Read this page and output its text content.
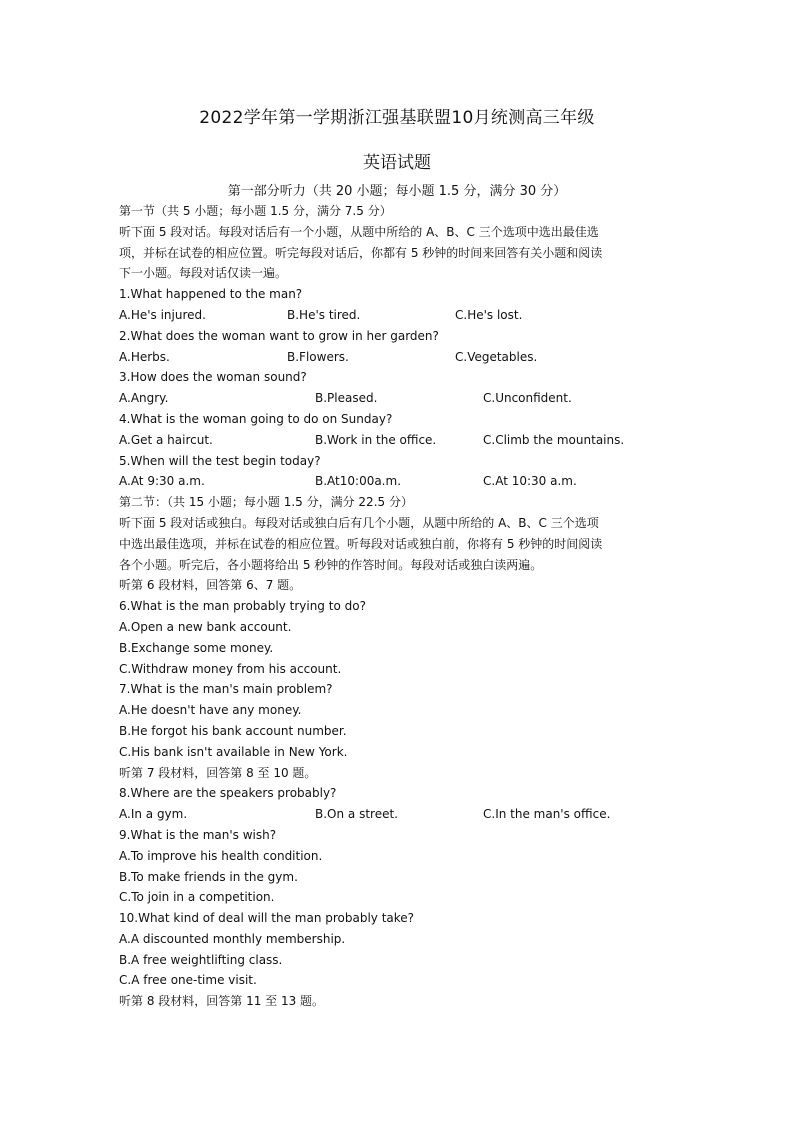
2022学年第一学期浙江强基联盟10月统测高三年级
英语试题
第一部分听力（共 20 小题；每小题 1.5 分，满分 30 分）
第一节（共 5 小题；每小题 1.5 分，满分 7.5 分）
听下面 5 段对话。每段对话后有一个小题，从题中所给的 A、B、C 三个选项中选出最佳选
项，并标在试卷的相应位置。听完每段对话后，你都有 5 秒钟的时间来回答有关小题和阅读
下一小题。每段对话仅读一遍。
1.What happened to the man?
A.He's injured.	B.He's tired.	C.He's lost.
2.What does the woman want to grow in her garden?
A.Herbs.	B.Flowers.	C.Vegetables.
3.How does the woman sound?
A.Angry.	B.Pleased.	C.Unconfident.
4.What is the woman going to do on Sunday?
A.Get a haircut.	B.Work in the office.	C.Climb the mountains.
5.When will the test begin today?
A.At 9:30 a.m.	B.At10:00a.m.	C.At 10:30 a.m.
第二节：（共 15 小题；每小题 1.5 分，满分 22.5 分）
听下面 5 段对话或独白。每段对话或独白后有几个小题，从题中所给的 A、B、C 三个选项
中选出最佳选项，并标在试卷的相应位置。听每段对话或独白前，你将有 5 秒钟的时间阅读
各个小题。听完后，各小题将给出 5 秒钟的作答时间。每段对话或独白读两遍。
听第 6 段材料，回答第 6、7 题。
6.What is the man probably trying to do?
A.Open a new bank account.
B.Exchange some money.
C.Withdraw money from his account.
7.What is the man's main problem?
A.He doesn't have any money.
B.He forgot his bank account number.
C.His bank isn't available in New York.
听第 7 段材料，回答第 8 至 10 题。
8.Where are the speakers probably?
A.In a gym.	B.On a street.	C.In the man's office.
9.What is the man's wish?
A.To improve his health condition.
B.To make friends in the gym.
C.To join in a competition.
10.What kind of deal will the man probably take?
A.A discounted monthly membership.
B.A free weightlifting class.
C.A free one-time visit.
听第 8 段材料，回答第 11 至 13 题。
